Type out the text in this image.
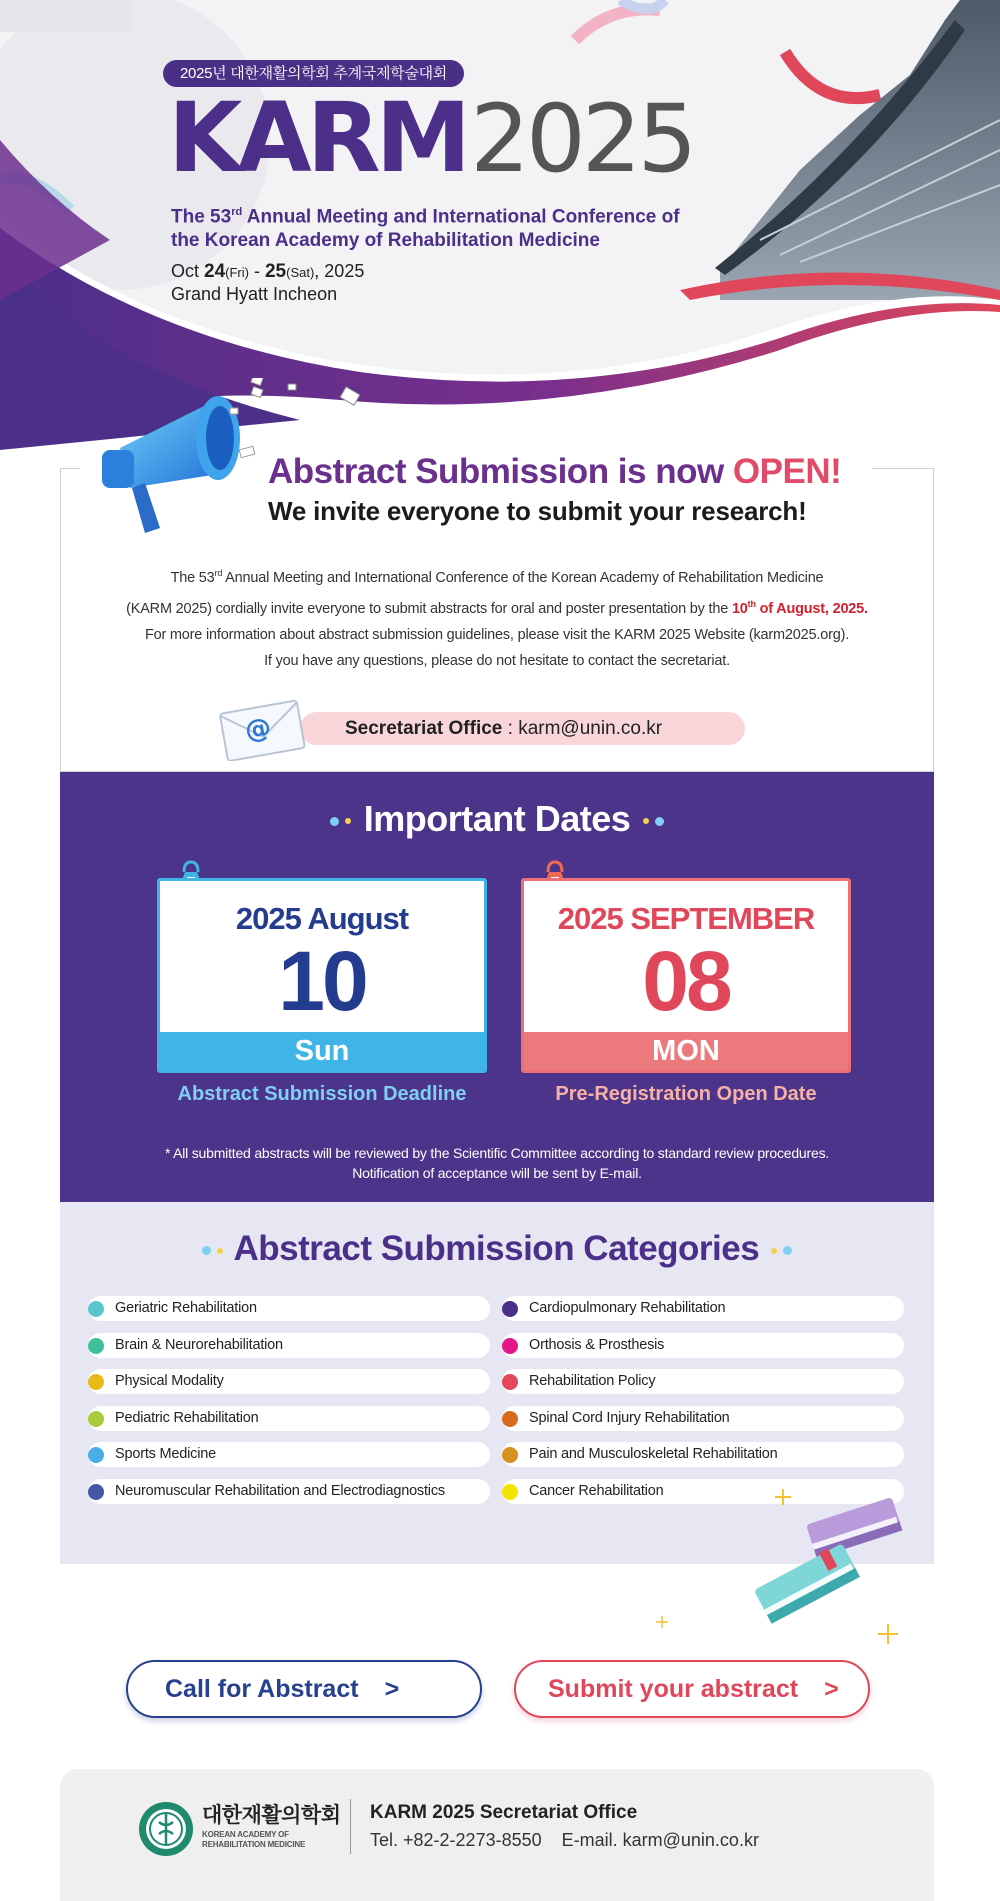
2025년 대한재활의학회 추계국제학술대회
KARM2025
The 53rd Annual Meeting and International Conference of
the Korean Academy of Rehabilitation Medicine
Oct 24(Fri) - 25(Sat), 2025
Grand Hyatt Incheon
Abstract Submission is now OPEN!
We invite everyone to submit your research!
The 53rd Annual Meeting and International Conference of the Korean Academy of Rehabilitation Medicine
(KARM 2025) cordially invite everyone to submit abstracts for oral and poster presentation by the 10th of August, 2025.
For more information about abstract submission guidelines, please visit the KARM 2025 Website (karm2025.org).
If you have any questions, please do not hesitate to contact the secretariat.
@	Secretariat Office : karm@unin.co.kr
Important Dates
2025 August
10
Sun
Abstract Submission Deadline
2025 SEPTEMBER
08
MON
Pre-Registration Open Date
* All submitted abstracts will be reviewed by the Scientific Committee according to standard review procedures.
Notification of acceptance will be sent by E-mail.
Abstract Submission Categories
Geriatric Rehabilitation
Brain & Neurorehabilitation
Physical Modality
Pediatric Rehabilitation
Sports Medicine
Neuromuscular Rehabilitation and Electrodiagnostics
Cardiopulmonary Rehabilitation
Orthosis & Prosthesis
Rehabilitation Policy
Spinal Cord Injury Rehabilitation
Pain and Musculoskeletal Rehabilitation
Cancer Rehabilitation
Call for Abstract >	Submit your abstract >
대한재활의학회
KOREAN ACADEMY OF REHABILITATION MEDICINE
KARM 2025 Secretariat Office
Tel. +82-2-2273-8550 E-mail. karm@unin.co.kr
